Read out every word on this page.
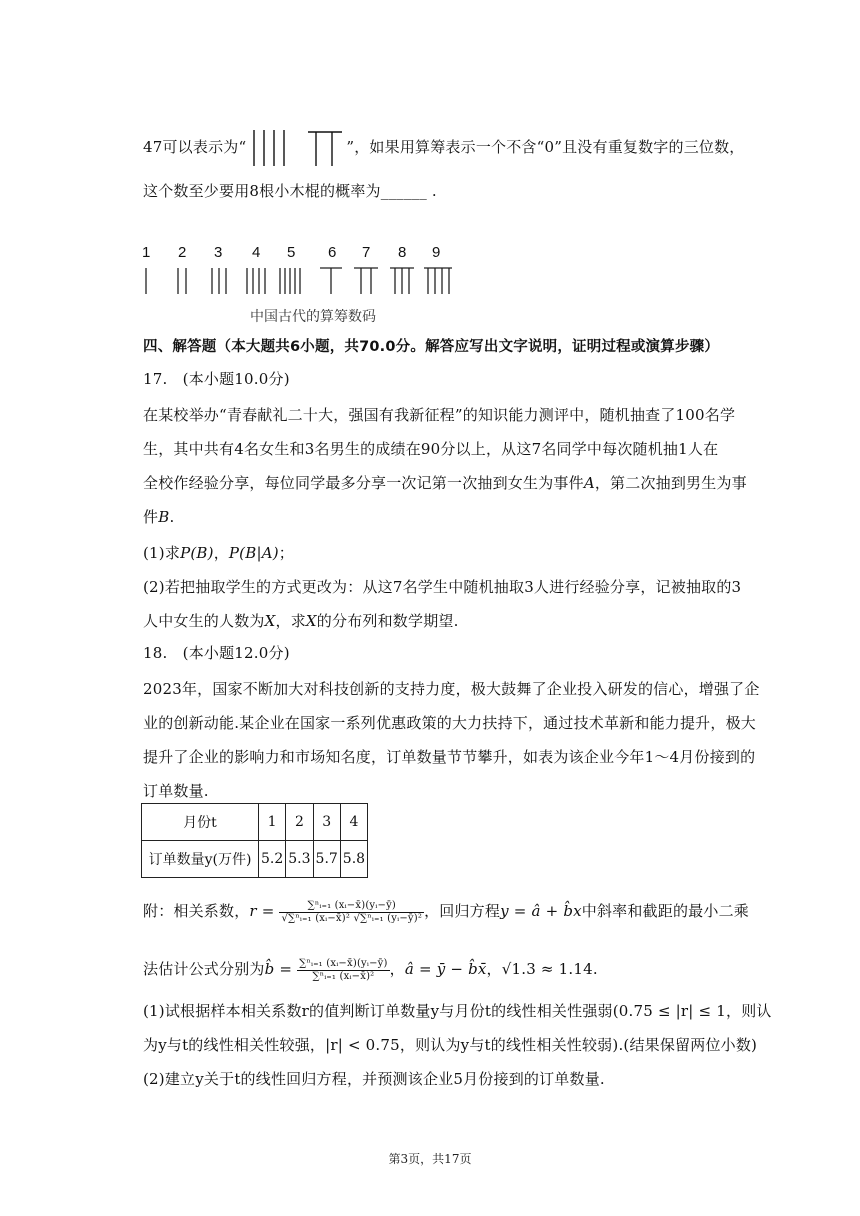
47可以表示为“	”，如果用算筹表示一个不含“0”且没有重复数字的三位数，
这个数至少要用8根小木棍的概率为______ .
1 2 3 4 5 6 7 8 9
中国古代的算筹数码
四、解答题（本大题共6小题，共70.0分。解答应写出文字说明，证明过程或演算步骤）
17.　(本小题10.0分)
在某校举办“青春献礼二十大，强国有我新征程”的知识能力测评中，随机抽查了100名学
生，其中共有4名女生和3名男生的成绩在90分以上，从这7名同学中每次随机抽1人在
全校作经验分享，每位同学最多分享一次记第一次抽到女生为事件A，第二次抽到男生为事
件B.
(1)求P(B)，P(B|A)；
(2)若把抽取学生的方式更改为：从这7名学生中随机抽取3人进行经验分享，记被抽取的3
人中女生的人数为X，求X的分布列和数学期望.
18.　(本小题12.0分)
2023年，国家不断加大对科技创新的支持力度，极大鼓舞了企业投入研发的信心，增强了企
业的创新动能.某企业在国家一系列优惠政策的大力扶持下，通过技术革新和能力提升，极大
提升了企业的影响力和市场知名度，订单数量节节攀升，如表为该企业今年1～4月份接到的
订单数量.
月份t	1	2	3	4
订单数量y(万件)	5.2	5.3	5.7	5.8
附：相关系数，$r = \frac{\text{∑ⁿᵢ₌₁ (xᵢ−x̄)(yᵢ−ȳ)}}{\text{√∑ⁿᵢ₌₁ (xᵢ−x̄)² √∑ⁿᵢ₌₁ (yᵢ−ȳ)²}}$ ，回归方程y = â + b̂x中斜率和截距的最小二乘
法估计公式分别为b̂ = $\frac{\text{∑ⁿᵢ₌₁ (xᵢ−x̄)(yᵢ−ȳ)}}{\text{∑ⁿᵢ₌₁ (xᵢ−x̄)²}}$ ，â = ȳ − b̂x̄，√1.3 ≈ 1.14.
(1)试根据样本相关系数r的值判断订单数量y与月份t的线性相关性强弱(0.75 ≤ |r| ≤ 1，则认
为y与t的线性相关性较强，|r| < 0.75，则认为y与t的线性相关性较弱).(结果保留两位小数)
(2)建立y关于t的线性回归方程，并预测该企业5月份接到的订单数量.
第3页，共17页
